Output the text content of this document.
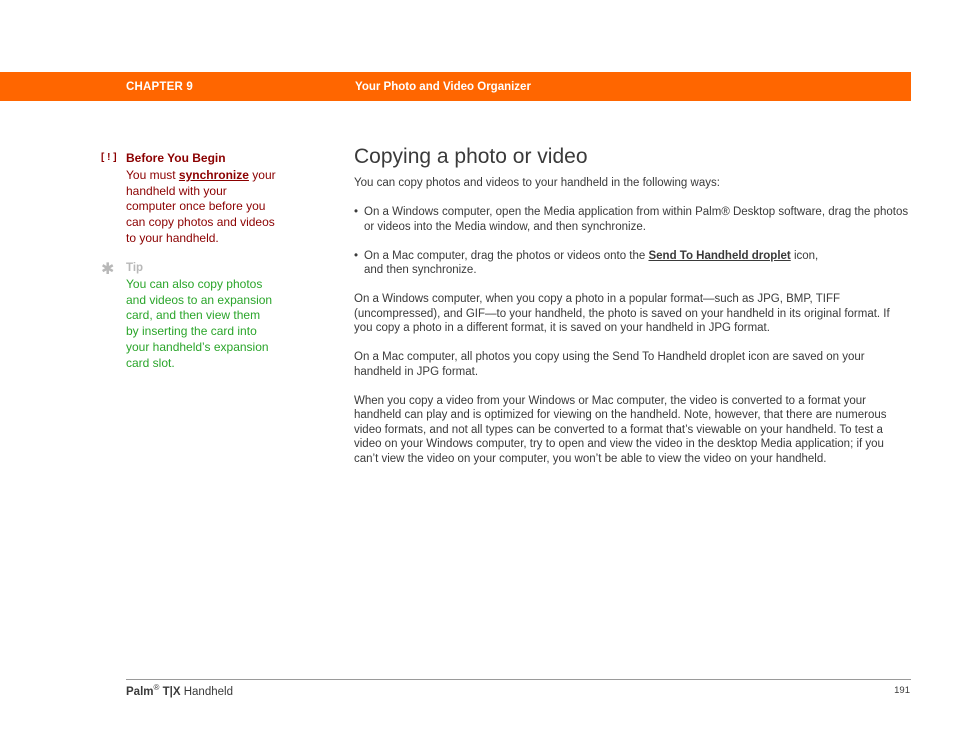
CHAPTER 9	Your Photo and Video Organizer
[ ! ] Before You Begin
You must synchronize your handheld with your computer once before you can copy photos and videos to your handheld.
✱ Tip
You can also copy photos and videos to an expansion card, and then view them by inserting the card into your handheld’s expansion card slot.
Copying a photo or video

You can copy photos and videos to your handheld in the following ways:

• On a Windows computer, open the Media application from within Palm® Desktop software, drag the photos or videos into the Media window, and then synchronize.
• On a Mac computer, drag the photos or videos onto the Send To Handheld droplet icon,
and then synchronize.

On a Windows computer, when you copy a photo in a popular format—such as JPG, BMP, TIFF (uncompressed), and GIF—to your handheld, the photo is saved on your handheld in its original format. If you copy a photo in a different format, it is saved on your handheld in JPG format.

On a Mac computer, all photos you copy using the Send To Handheld droplet icon are saved on your handheld in JPG format.

When you copy a video from your Windows or Mac computer, the video is converted to a format your handheld can play and is optimized for viewing on the handheld. Note, however, that there are numerous video formats, and not all types can be converted to a format that’s viewable on your handheld. To test a video on your Windows computer, try to open and view the video in the desktop Media application; if you can’t view the video on your computer, you won’t be able to view the video on your handheld.

Palm® T|X Handheld	191
